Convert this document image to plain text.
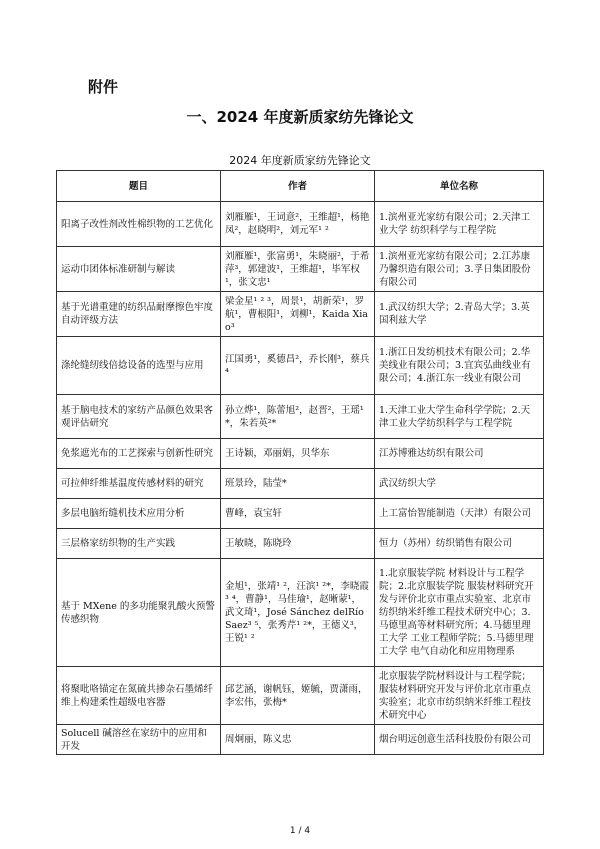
附件
一、2024 年度新质家纺先锋论文
2024 年度新质家纺先锋论文
题目	作者	单位名称
阳离子改性剂改性棉织物的工艺优化	刘雁雁¹，王词意²，王维超¹，杨艳凤²，赵晓明²，刘元军¹ ²	1.滨州亚光家纺有限公司；2.天津工业大学 纺织科学与工程学院
运动巾团体标准研制与解读	刘雁雁¹，张富勇¹，朱晓丽²，于希萍³，郭建波¹，王维超¹，毕军权¹，张文忠¹	1.滨州亚光家纺有限公司；2.江苏康乃馨织造有限公司；3.孚日集团股份有限公司
基于光谱重建的纺织品耐摩擦色牢度自动评级方法	梁金星¹ ² ³，周景¹，胡新荣¹，罗航¹，曹根阳¹，刘柳¹，Kaida Xiao³	1.武汉纺织大学；2.青岛大学；3.英国利兹大学
涤纶缝纫线倍捻设备的选型与应用	江国勇¹，奚德昌²，乔长刚³，蔡兵⁴	1.浙江日发纺机技术有限公司；2.华美线业有限公司；3.宜宾弘曲线业有限公司；4.浙江东一线业有限公司
基于脑电技术的家纺产品颜色效果客观评估研究	孙立烨¹，陈蕾旭²，赵晋²，王瑶¹*，朱若英²*	1.天津工业大学生命科学学院；2.天津工业大学纺织科学与工程学院
免浆遮光布的工艺探索与创新性研究	王诗颖，邓丽娟，贝华东	江苏博雅达纺织有限公司
可拉伸纤维基温度传感材料的研究	班景玲，陆莹*	武汉纺织大学
多层电脑绗缝机技术应用分析	曹峰，袁宝轩	上工富怡智能制造（天津）有限公司
三层格家纺织物的生产实践	王敏晓，陈晓玲	恒力（苏州）纺织销售有限公司
基于 MXene 的多功能聚乳酸火预警传感织物	金旭¹，张靖¹ ²，汪滨¹ ²*，李晓霞³ ⁴，曹静¹，马佳瑜¹，赵晰蒙¹，武文琦¹，José Sánchez delRío Saez³ ⁵，张秀芹¹ ²*，王德义³，王锐¹ ²	1.北京服装学院 材料设计与工程学院；2.北京服装学院 服装材料研究开发与评价北京市重点实验室、北京市纺织纳米纤维工程技术研究中心；3.马德里高等材料研究所；4.马德里理工大学 工业工程师学院；5.马德里理工大学 电气自动化和应用物理系
将聚吡咯锚定在氮硫共掺杂石墨烯纤维上构建柔性超级电容器	邱艺涵，谢帆钰，姬毓，贾潇雨，李宏伟，张梅*	北京服装学院材料设计与工程学院；服装材料研究开发与评价北京市重点实验室；北京市纺织纳米纤维工程技术研究中心
Solucell 碱溶丝在家纺中的应用和开发	周炯丽，陈义忠	烟台明远创意生活科技股份有限公司
1 / 4
